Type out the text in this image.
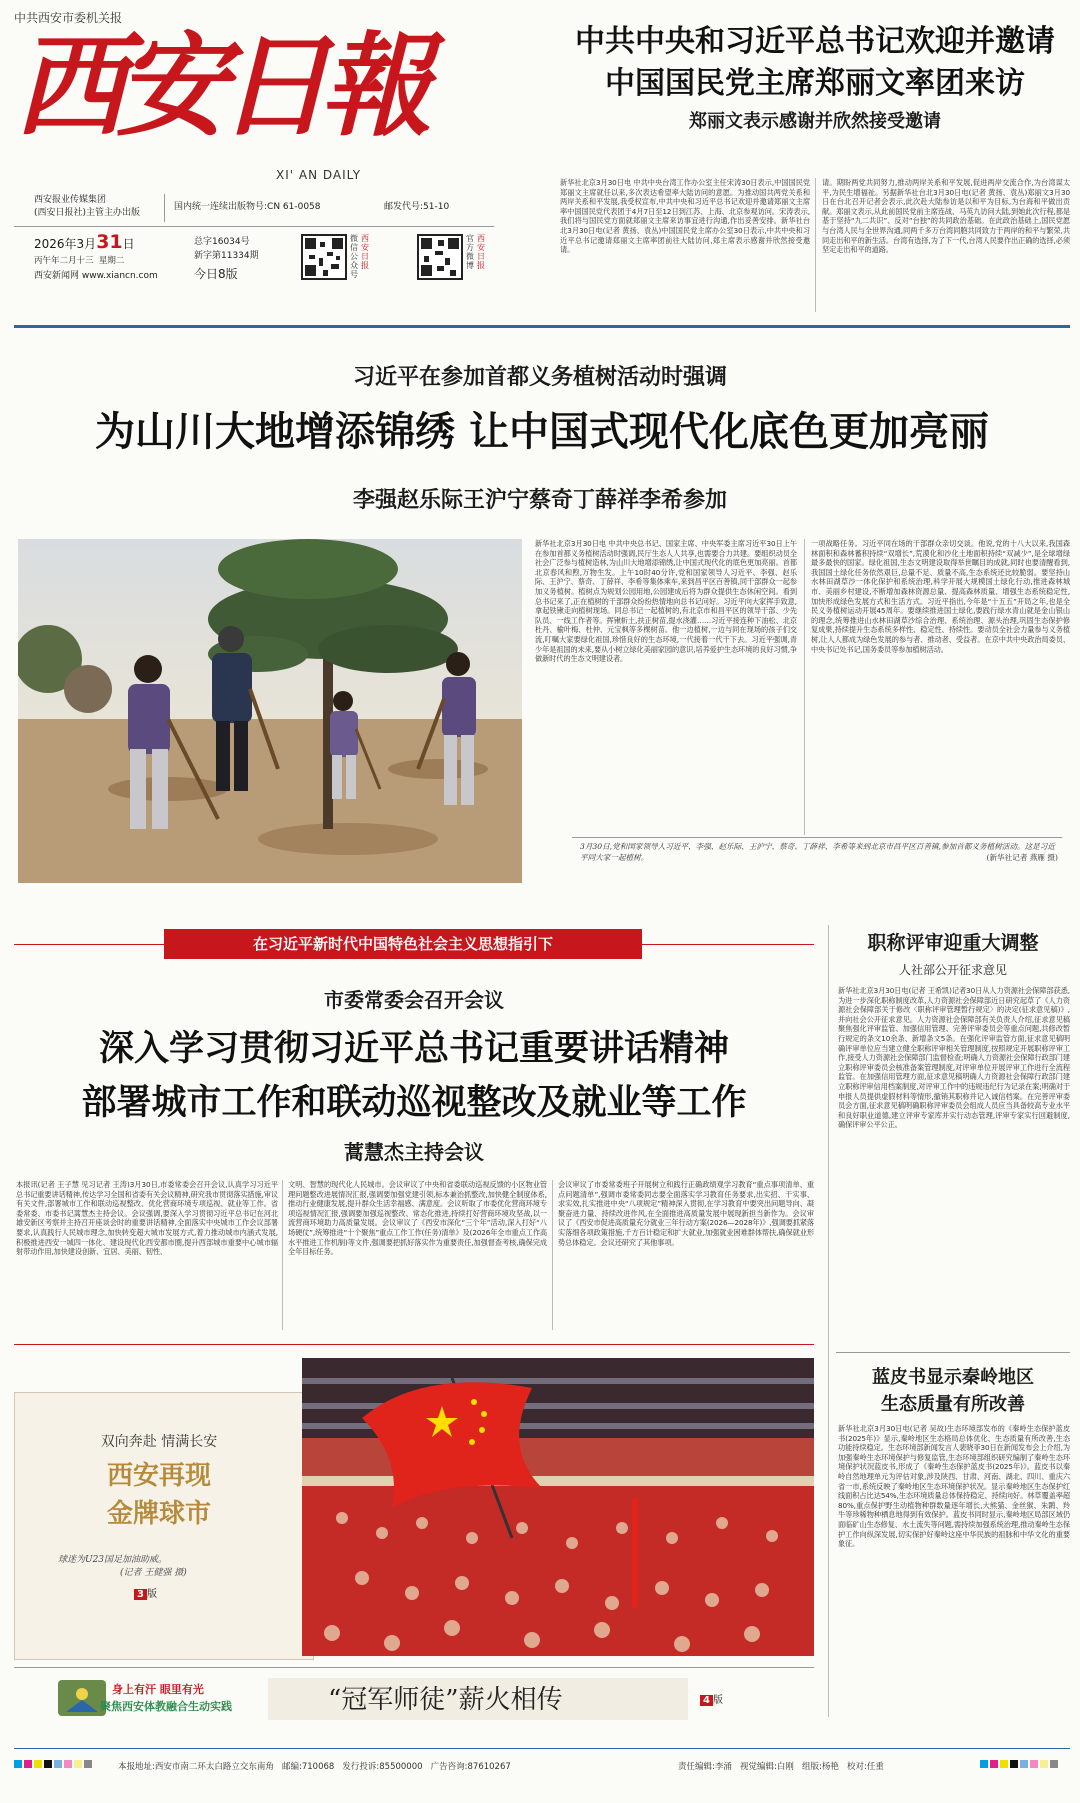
中共西安市委机关报
西安日報
XI' AN DAILY
西安报业传媒集团
(西安日报社)主管主办出版
国内统一连续出版物号:CN 61-0058	邮发代号:51-10
2026年3月31日
丙午年二月十三 星期二
西安新闻网 www.xiancn.com
总字16034号
新字第11334期
今日8版
微信公众号
西安日报
官方微博
西安日报
中共中央和习近平总书记欢迎并邀请
中国国民党主席郑丽文率团来访
郑丽文表示感谢并欣然接受邀请
新华社北京3月30日电 中共中央台湾工作办公室主任宋涛30日表示,中国国民党郑丽文主席就任以来,多次表达希望率大陆访问的意愿。为推动国共两党关系和两岸关系和平发展,我受权宣布,中共中央和习近平总书记欢迎并邀请郑丽文主席率中国国民党代表团于4月7日至12日到江苏、上海、北京参观访问。宋涛表示,我们将与国民党方面就郑丽文主席来访事宜进行沟通,作出妥善安排。新华社台北3月30日电(记者 黄扬、袁丛)中国国民党主席办公室30日表示,中共中央和习近平总书记邀请郑丽文主席率团前往大陆访问,郑主席表示感谢并欣然接受邀请。
请。期盼两党共同努力,推动两岸关系和平发展,促进两岸交流合作,为台湾谋太平,为民生增福祉。另据新华社台北3月30日电(记者 黄扬、袁丛)郑丽文3月30日在台北召开记者会表示,此次赴大陆参访是以和平为目标,为台海和平做出贡献。郑丽文表示,从此前国民党前主席连战、马英九访问大陆,到她此次行程,都是基于坚持“九二共识”、反对“台独”的共同政治基础。在此政治基础上,国民党愿与台湾人民与全世界沟通,同两千多万台湾同胞共同致力于两岸的和平与繁荣,共同走出和平的新生活。台湾有选择,为了下一代,台湾人民要作出正确的选择,必须坚定走出和平的道路。
习近平在参加首都义务植树活动时强调
为山川大地增添锦绣 让中国式现代化底色更加亮丽
李强赵乐际王沪宁蔡奇丁薛祥李希参加
新华社北京3月30日电 中共中央总书记、国家主席、中央军委主席习近平30日上午在参加首都义务植树活动时强调,民厅生态人人共享,也需要合力共建。要组织动员全社会广泛参与植树造林,为山川大地增添锦绣,让中国式现代化的底色更加亮丽。首都北京春风和煦,万物生发。上午10时40分许,党和国家领导人习近平、李强、赵乐际、王沪宁、蔡奇、丁薛祥、李希等集体乘车,来到昌平区百善镇,同干部群众一起参加义务植树。植树点为规划公园用地,公园建成后将为群众提供生态休闲空间。看到总书记来了,正在植树的干部群众纷纷热情地向总书记问好。习近平向大家挥手致意,拿起铁锹走向植树现场。同总书记一起植树的,有北京市和昌平区的领导干部、少先队员、一线工作者等。挥锹斩土,扶正树苗,提水浇灌……习近平接连种下油松、北京杜丹、榆叶梅、杜仲、元宝枫等多棵树苗。他一边植树,一边与同在现场的孩子们交流,叮嘱大家要绿化祖国,珍惜良好的生态环境,一代接着一代干下去。习近平强调,青少年是祖国的未来,要从小树立绿化美丽家园的意识,培养爱护生态环境的良好习惯,争做新时代的生态文明建设者。
一项战略任务。习近平同在场的干部群众亲切交谈。他说,党的十八大以来,我国森林面积和森林蓄积持续“双增长”,荒漠化和沙化土地面积持续“双减少”,是全球增绿最多最快的国家。绿化祖国,生态文明建设取得举世瞩目的成就,同时也要清醒看到,我国国土绿化任务依然艰巨,总量不足、质量不高,生态系统还比较脆弱。要坚持山水林田湖草沙一体化保护和系统治理,科学开展大规模国土绿化行动,推进森林城市、美丽乡村建设,不断增加森林资源总量、提高森林质量、增强生态系统稳定性,加快形成绿色发展方式和生活方式。习近平指出,今年是“十五五”开局之年,也是全民义务植树运动开展45周年。要继续推进国土绿化,要践行绿水青山就是金山银山的理念,统筹推进山水林田湖草沙综合治理、系统治理、源头治理,巩固生态保护修复成果,持续提升生态系统多样性、稳定性、持续性。要动员全社会力量参与义务植树,让人人都成为绿色发展的参与者、推动者、受益者。在京中共中央政治局委员、中央书记处书记,国务委员等参加植树活动。
3月30日,党和国家领导人习近平、李强、赵乐际、王沪宁、蔡奇、丁薛祥、李希等来到北京市昌平区百善镇,参加首都义务植树活动。这是习近平同大家一起植树。	(新华社记者 燕雁 摄)
在习近平新时代中国特色社会主义思想指引下
市委常委会召开会议
深入学习贯彻习近平总书记重要讲话精神
部署城市工作和联动巡视整改及就业等工作
蒿慧杰主持会议
本报讯(记者 王子慧 见习记者 王涛)3月30日,市委常委会召开会议,认真学习习近平总书记重要讲话精神,传达学习全国和省委有关会议精神,研究我市贯彻落实措施,审议有关文件,部署城市工作和联动巡视整改、优化营商环境专项巡视、就业等工作。省委常委、市委书记蒿慧杰主持会议。会议强调,要深入学习贯彻习近平总书记在河北雄安新区考察并主持召开座谈会时的重要讲话精神,全面落实中央城市工作会议部署要求,认真践行人民城市理念,加快转变超大城市发展方式,着力推动城市内涵式发展,积极推进西安一城四一体化、建设现代化西安都市圈,提升西部城市重要中心城市辐射带动作用,加快建设创新、宜居、美丽、韧性、
文明、智慧的现代化人民城市。会议审议了中央和省委联动巡视反馈的小区物业管理问题整改进展情况汇报,强调要加强党建引领,标本兼治抓整改,加快健全制度体系,推动行业健康发展,提升群众生活幸福感、满意度。会议听取了市委优化营商环境专项巡视情况汇报,强调要加强巡视整改、常态化推进,持续打好营商环境攻坚战,以一流营商环境助力高质量发展。会议审议了《西安市深化“三个年”活动,深入打好“八场硬仗”,统筹推进“十个聚焦”重点工作工作(任务)清单》及(2026年全市重点工作高水平推进工作机制)等文件,强调要把抓好落实作为重要责任,加强督查考核,确保完成全年目标任务。
会议审议了市委常委班子开展树立和践行正确政绩观学习教育“重点事项清单、重点问题清单”,强调市委常委同志要全面落实学习教育任务要求,出实招、干实事、求实效,扎实推进中央“八项规定”精神深入贯彻,在学习教育中要突出问题导向、凝聚奋进力量、持续改进作风,在全面推进高质量发展中展现新担当新作为。会议审议了《西安市促进高质量充分就业三年行动方案(2026—2028年)》,强调要抓紧落实落细各项政策措施,千方百计稳定和扩大就业,加强就业困难群体帮扶,确保就业形势总体稳定。会议还研究了其他事项。
职称评审迎重大调整
人社部公开征求意见
新华社北京3月30日电(记者 王希凯)记者30日从人力资源社会保障部获悉,为进一步深化职称制度改革,人力资源社会保障部近日研究起草了《人力资源社会保障部关于修改〈职称评审管理暂行规定〉的决定(征求意见稿)》,并向社会公开征求意见。人力资源社会保障部有关负责人介绍,征求意见稿聚焦强化评审监管、加强信用管理、完善评审委员会等重点问题,共修改暂行规定的条文10余条、新增条文5条。在强化评审监管方面,征求意见稿明确评审单位应当建立健全职称评审相关管理制度,按照规定开展职称评审工作,接受人力资源社会保障部门监督检查;明确人力资源社会保障行政部门建立职称评审委员会核准备案管理制度,对评审单位开展评审工作进行全流程监管。在加强信用管理方面,征求意见稿明确人力资源社会保障行政部门建立职称评审信用档案制度,对评审工作中的违规违纪行为记录在案;明确对于申报人员提供虚假材料等情形,撤销其职称并记入诚信档案。在完善评审委员会方面,征求意见稿明确职称评审委员会组成人员应当具备较高专业水平和良好职业道德,建立评审专家库并实行动态管理,评审专家实行回避制度,确保评审公平公正。
蓝皮书显示秦岭地区
生态质量有所改善
新华社北京3月30日电(记者 吴故)生态环境部发布的《秦岭生态保护蓝皮书(2025年)》显示,秦岭地区生态格局总体优化、生态质量有所改善,生态功能持续稳定。生态环境部新闻发言人裴晓菲30日在新闻发布会上介绍,为加强秦岭生态环境保护与修复监管,生态环境部组织研究编制了秦岭生态环境保护状况蓝皮书,形成了《秦岭生态保护蓝皮书(2025年)》。蓝皮书以秦岭自然地理单元为评估对象,涉及陕西、甘肃、河南、湖北、四川、重庆六省一市,系统反映了秦岭地区生态环境保护状况。显示秦岭地区生态保护红线面积占比达54%,生态环境质量总体保持稳定、持续向好。林草覆盖率超80%,重点保护野生动植物种群数量逐年增长,大熊猫、金丝猴、朱鹮、羚牛等珍稀物种栖息地得到有效保护。蓝皮书同时显示,秦岭地区局部区域仍面临矿山生态修复、水土流失等问题,需持续加强系统治理,推动秦岭生态保护工作向纵深发展,切实保护好秦岭这座中华民族的祖脉和中华文化的重要象征。
双向奔赴 情满长安
西安再现
金牌球市
球迷为U23国足加油助威。
(记者 王健强 摄)
3 版
身上有汗 眼里有光
聚焦西安体教融合生动实践	“冠军师徒”薪火相传	4 版
本报地址:西安市南二环太白路立交东南角 邮编:710068 发行投诉:85500000 广告咨询:87610267	责任编辑:李涌 视觉编辑:白刚 组版:杨艳 校对:任重
